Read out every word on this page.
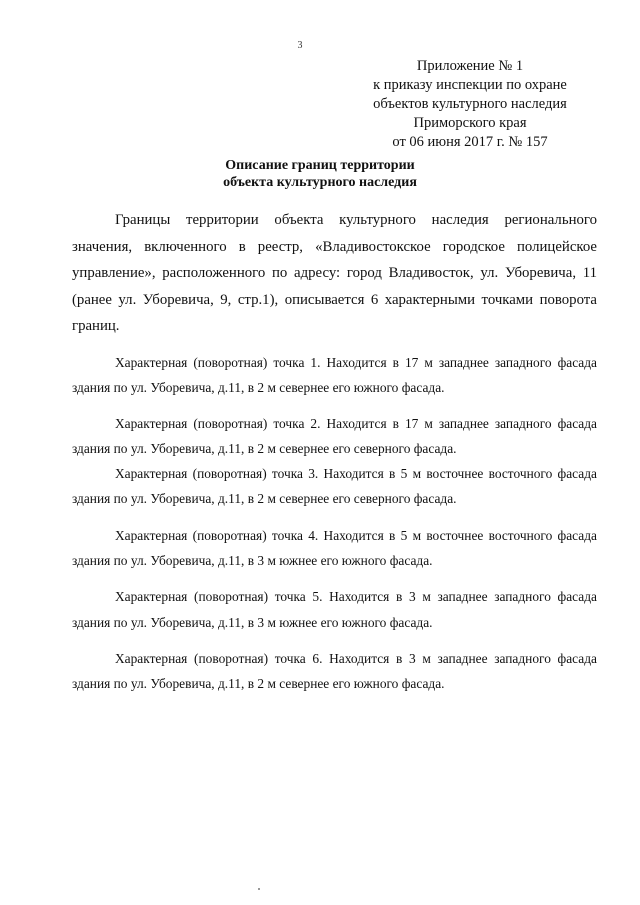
3
Приложение № 1
к приказу инспекции по охране
объектов культурного наследия
Приморского края
от 06 июня 2017 г. № 157
Описание границ территории
объекта культурного наследия

Границы территории объекта культурного наследия регионального значения, включенного в реестр, «Владивостокское городское полицейское управление», расположенного по адресу: город Владивосток, ул. Уборевича, 11 (ранее ул. Уборевича, 9, стр.1), описывается 6 характерными точками поворота границ.

Характерная (поворотная) точка 1. Находится в 17 м западнее западного фасада здания по ул. Уборевича, д.11, в 2 м севернее его южного фасада.

Характерная (поворотная) точка 2. Находится в 17 м западнее западного фасада здания по ул. Уборевича, д.11, в 2 м севернее его северного фасада.

Характерная (поворотная) точка 3. Находится в 5 м восточнее восточного фасада здания по ул. Уборевича, д.11, в 2 м севернее его северного фасада.

Характерная (поворотная) точка 4. Находится в 5 м восточнее восточного фасада здания по ул. Уборевича, д.11, в 3 м южнее его южного фасада.

Характерная (поворотная) точка 5. Находится в 3 м западнее западного фасада здания по ул. Уборевича, д.11, в 3 м южнее его южного фасада.

Характерная (поворотная) точка 6. Находится в 3 м западнее западного фасада здания по ул. Уборевича, д.11, в 2 м севернее его южного фасада.
